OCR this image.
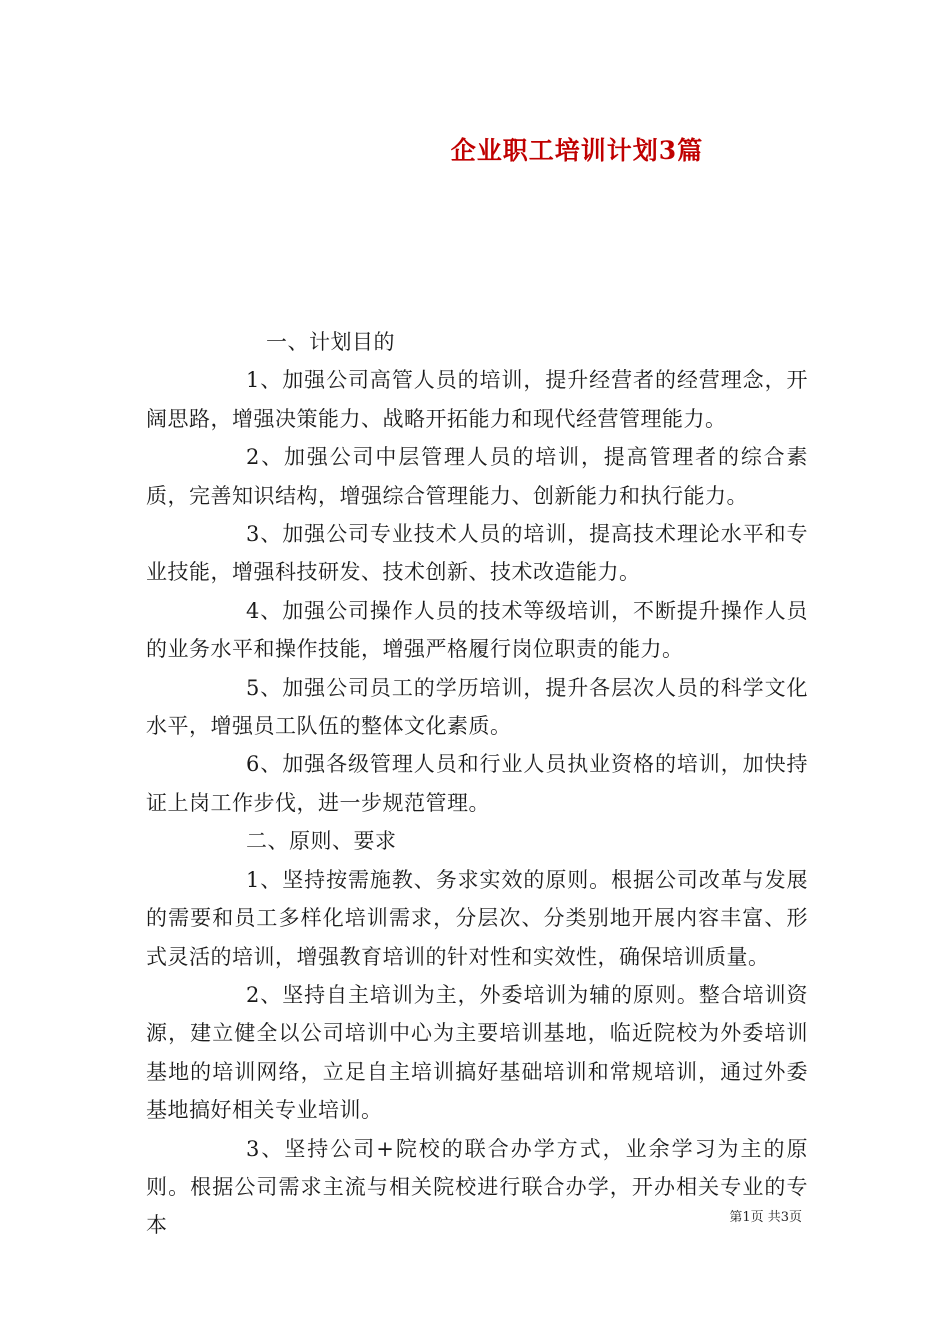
企业职工培训计划3篇

一、计划目的

1、加强公司高管人员的培训，提升经营者的经营理念，开阔思路，增强决策能力、战略开拓能力和现代经营管理能力。

2、加强公司中层管理人员的培训，提高管理者的综合素质，完善知识结构，增强综合管理能力、创新能力和执行能力。

3、加强公司专业技术人员的培训，提高技术理论水平和专业技能，增强科技研发、技术创新、技术改造能力。

4、加强公司操作人员的技术等级培训，不断提升操作人员的业务水平和操作技能，增强严格履行岗位职责的能力。

5、加强公司员工的学历培训，提升各层次人员的科学文化水平，增强员工队伍的整体文化素质。

6、加强各级管理人员和行业人员执业资格的培训，加快持证上岗工作步伐，进一步规范管理。

二、原则、要求

1、坚持按需施教、务求实效的原则。根据公司改革与发展的需要和员工多样化培训需求，分层次、分类别地开展内容丰富、形式灵活的培训，增强教育培训的针对性和实效性，确保培训质量。

2、坚持自主培训为主，外委培训为辅的原则。整合培训资源，建立健全以公司培训中心为主要培训基地，临近院校为外委培训基地的培训网络，立足自主培训搞好基础培训和常规培训，通过外委基地搞好相关专业培训。

3、坚持公司+院校的联合办学方式，业余学习为主的原则。根据公司需求主流与相关院校进行联合办学，开办相关专业的专本	第1页 共3页
